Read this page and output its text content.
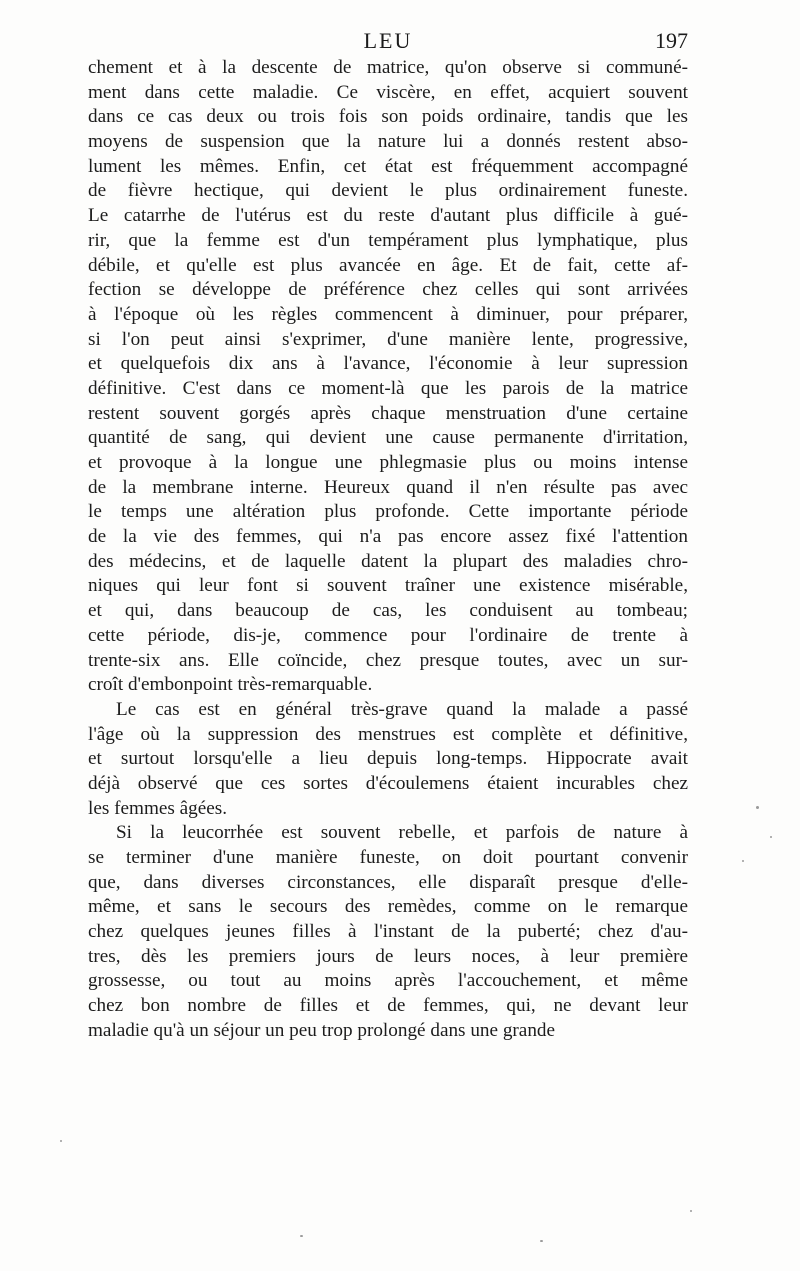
LEU	197
chement et à la descente de matrice, qu'on observe si communé-
ment dans cette maladie. Ce viscère, en effet, acquiert souvent
dans ce cas deux ou trois fois son poids ordinaire, tandis que les
moyens de suspension que la nature lui a donnés restent abso-
lument les mêmes. Enfin, cet état est fréquemment accompagné
de fièvre hectique, qui devient le plus ordinairement funeste.
Le catarrhe de l'utérus est du reste d'autant plus difficile à gué-
rir, que la femme est d'un tempérament plus lymphatique, plus
débile, et qu'elle est plus avancée en âge. Et de fait, cette af-
fection se développe de préférence chez celles qui sont arrivées
à l'époque où les règles commencent à diminuer, pour préparer,
si l'on peut ainsi s'exprimer, d'une manière lente, progressive,
et quelquefois dix ans à l'avance, l'économie à leur supression
définitive. C'est dans ce moment-là que les parois de la matrice
restent souvent gorgés après chaque menstruation d'une certaine
quantité de sang, qui devient une cause permanente d'irritation,
et provoque à la longue une phlegmasie plus ou moins intense
de la membrane interne. Heureux quand il n'en résulte pas avec
le temps une altération plus profonde. Cette importante période
de la vie des femmes, qui n'a pas encore assez fixé l'attention
des médecins, et de laquelle datent la plupart des maladies chro-
niques qui leur font si souvent traîner une existence misérable,
et qui, dans beaucoup de cas, les conduisent au tombeau;
cette période, dis-je, commence pour l'ordinaire de trente à
trente-six ans. Elle coïncide, chez presque toutes, avec un sur-
croît d'embonpoint très-remarquable.
Le cas est en général très-grave quand la malade a passé
l'âge où la suppression des menstrues est complète et définitive,
et surtout lorsqu'elle a lieu depuis long-temps. Hippocrate avait
déjà observé que ces sortes d'écoulemens étaient incurables chez
les femmes âgées.
Si la leucorrhée est souvent rebelle, et parfois de nature à
se terminer d'une manière funeste, on doit pourtant convenir
que, dans diverses circonstances, elle disparaît presque d'elle-
même, et sans le secours des remèdes, comme on le remarque
chez quelques jeunes filles à l'instant de la puberté; chez d'au-
tres, dès les premiers jours de leurs noces, à leur première
grossesse, ou tout au moins après l'accouchement, et même
chez bon nombre de filles et de femmes, qui, ne devant leur
maladie qu'à un séjour un peu trop prolongé dans une grande
